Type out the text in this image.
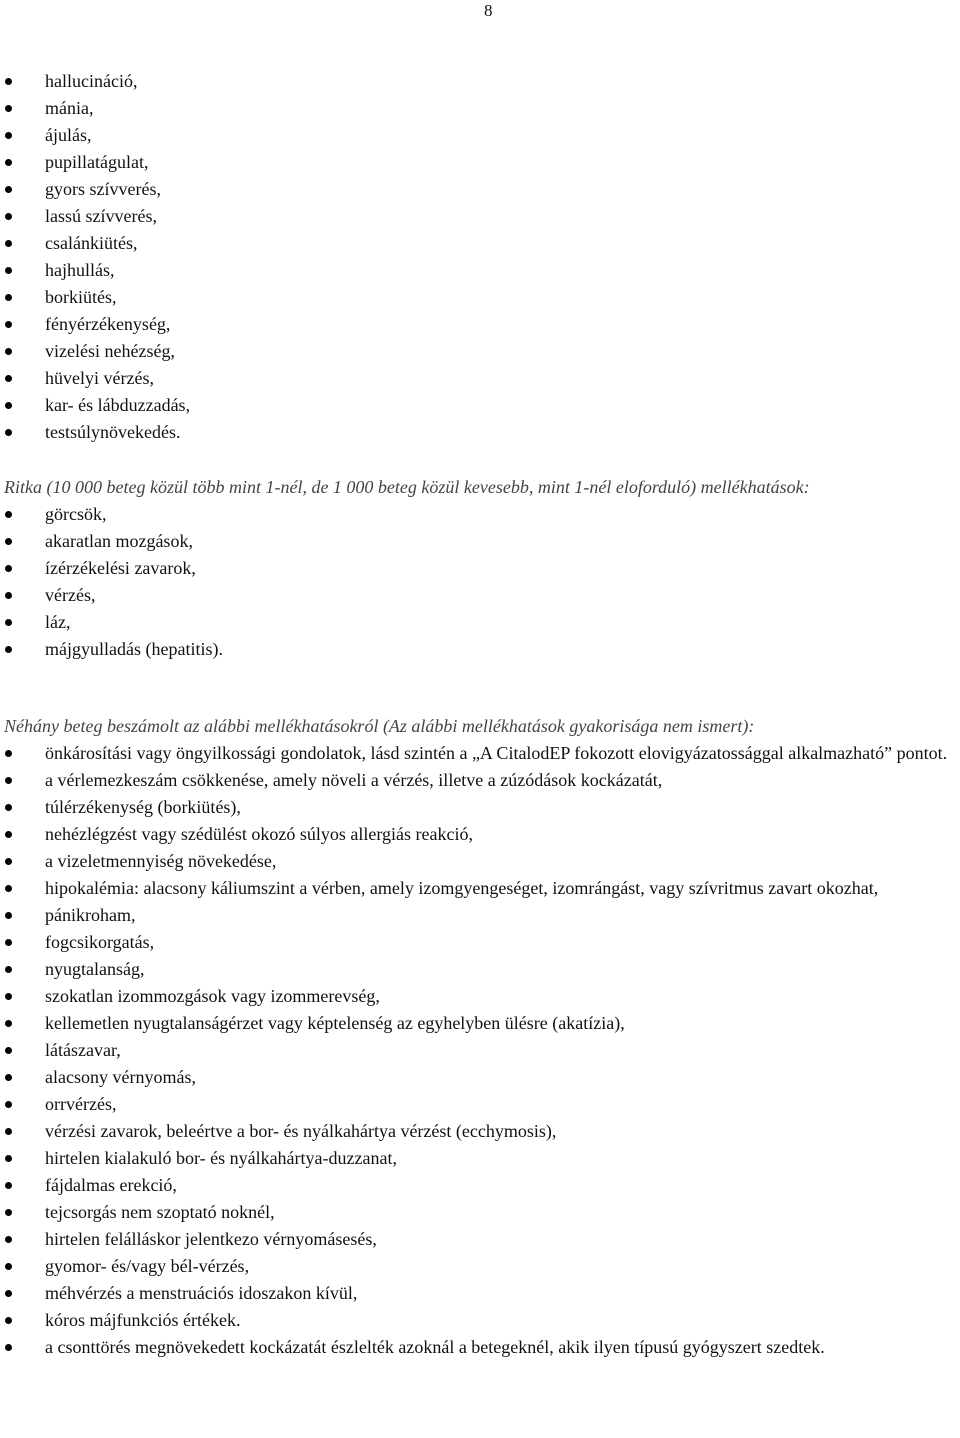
8
hallucináció,
mánia,
ájulás,
pupillatágulat,
gyors szívverés,
lassú szívverés,
csalánkiütés,
hajhullás,
borkiütés,
fényérzékenység,
vizelési nehézség,
hüvelyi vérzés,
kar- és lábduzzadás,
testsúlynövekedés.

Ritka (10 000 beteg közül több mint 1-nél, de 1 000 beteg közül kevesebb, mint 1-nél eloforduló) mellékhatások:

görcsök,
akaratlan mozgások,
ízérzékelési zavarok,
vérzés,
láz,
májgyulladás (hepatitis).

Néhány beteg beszámolt az alábbi mellékhatásokról (Az alábbi mellékhatások gyakorisága nem ismert):

önkárosítási vagy öngyilkossági gondolatok, lásd szintén a „A CitalodEP fokozott elovigyázatossággal alkalmazható” pontot.
a vérlemezkeszám csökkenése, amely növeli a vérzés, illetve a zúzódások kockázatát,
túlérzékenység (borkiütés),
nehézlégzést vagy szédülést okozó súlyos allergiás reakció,
a vizeletmennyiség növekedése,
hipokalémia: alacsony káliumszint a vérben, amely izomgyengeséget, izomrángást, vagy szívritmus zavart okozhat,
pánikroham,
fogcsikorgatás,
nyugtalanság,
szokatlan izommozgások vagy izommerevség,
kellemetlen nyugtalanságérzet vagy képtelenség az egyhelyben ülésre (akatízia),
látászavar,
alacsony vérnyomás,
orrvérzés,
vérzési zavarok, beleértve a bor- és nyálkahártya vérzést (ecchymosis),
hirtelen kialakuló bor- és nyálkahártya-duzzanat,
fájdalmas erekció,
tejcsorgás nem szoptató noknél,
hirtelen felálláskor jelentkezo vérnyomásesés,
gyomor- és/vagy bél-vérzés,
méhvérzés a menstruációs idoszakon kívül,
kóros májfunkciós értékek.
a csonttörés megnövekedett kockázatát észlelték azoknál a betegeknél, akik ilyen típusú gyógyszert szedtek.
